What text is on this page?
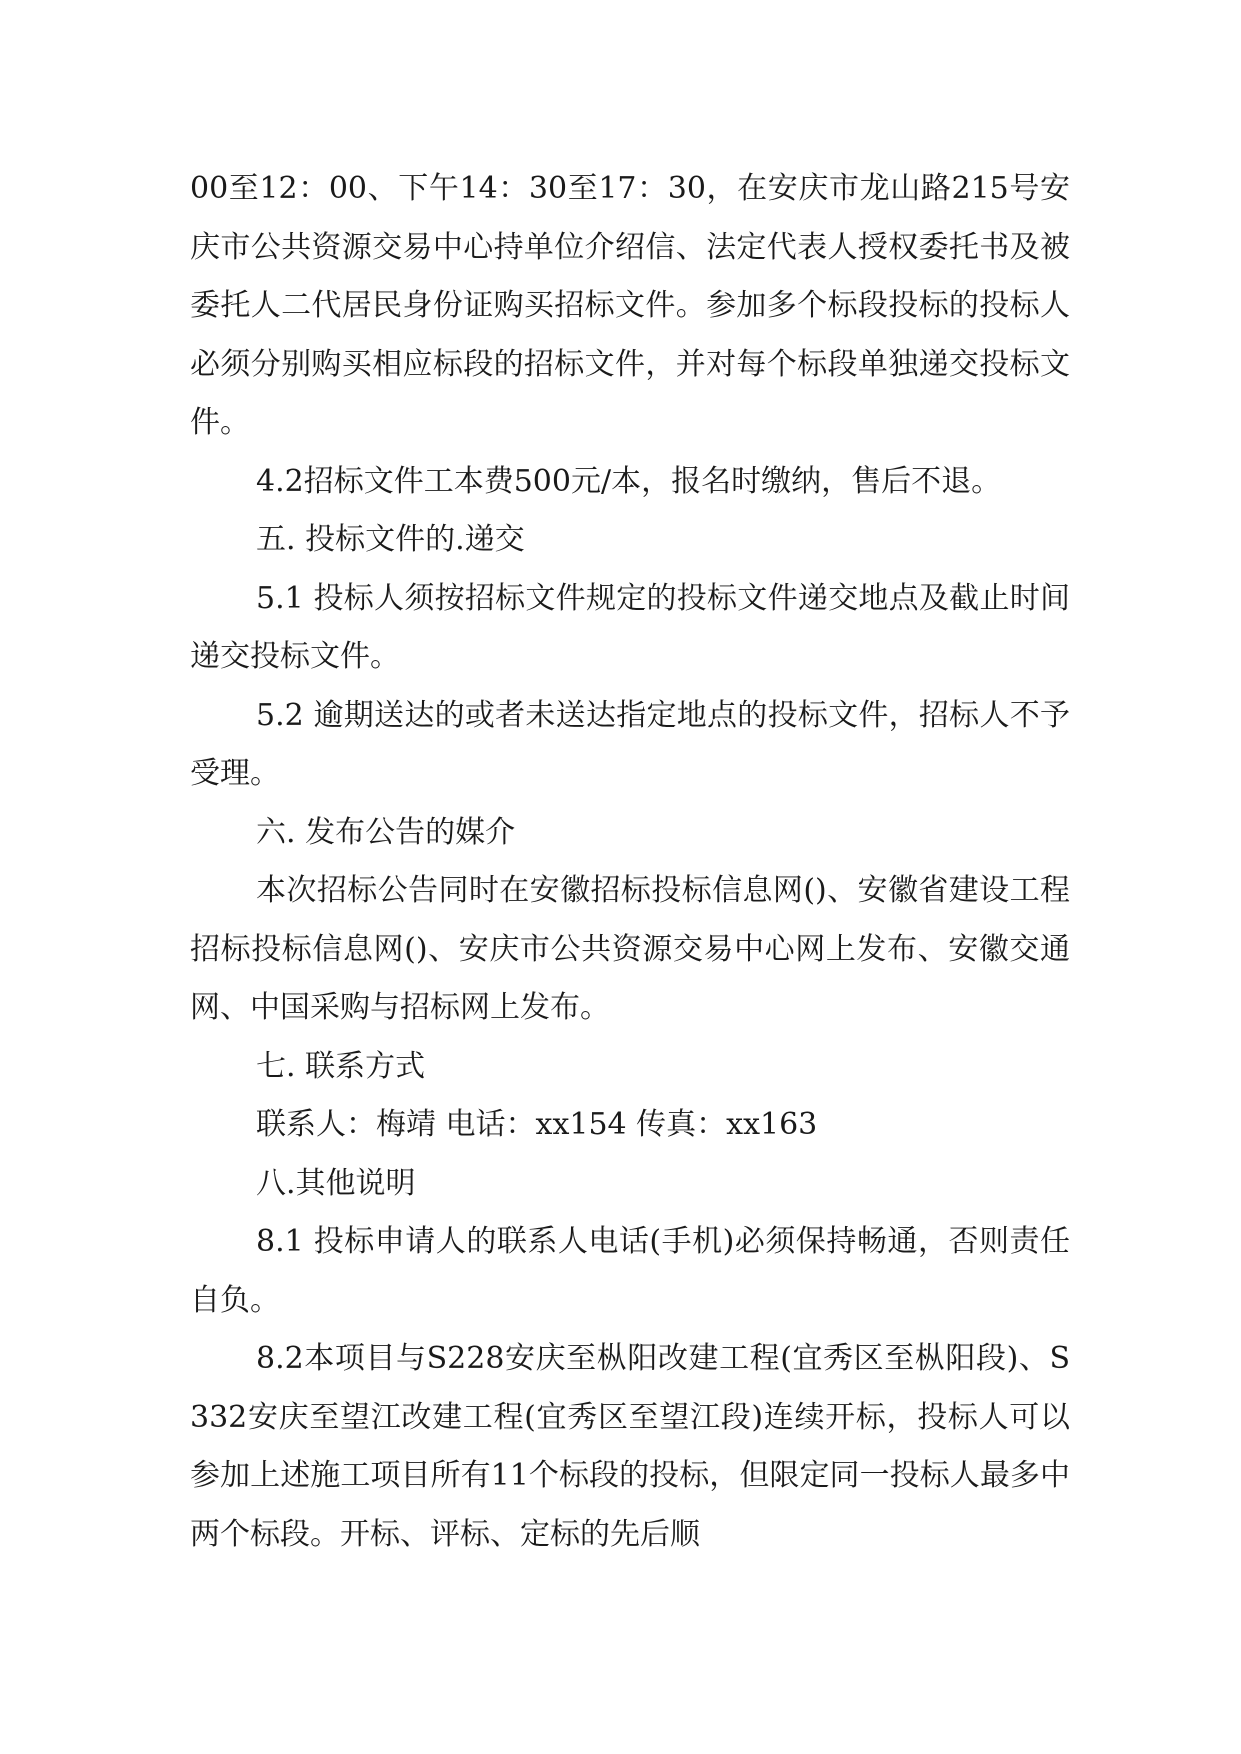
00至12：00、下午14：30至17：30，在安庆市龙山路215号安庆市公共资源交易中心持单位介绍信、法定代表人授权委托书及被委托人二代居民身份证购买招标文件。参加多个标段投标的投标人必须分别购买相应标段的招标文件，并对每个标段单独递交投标文件。

4.2招标文件工本费500元/本，报名时缴纳，售后不退。

五. 投标文件的.递交

5.1 投标人须按招标文件规定的投标文件递交地点及截止时间递交投标文件。

5.2 逾期送达的或者未送达指定地点的投标文件，招标人不予受理。

六. 发布公告的媒介

本次招标公告同时在安徽招标投标信息网()、安徽省建设工程招标投标信息网()、安庆市公共资源交易中心网上发布、安徽交通网、中国采购与招标网上发布。

七. 联系方式

联系人：梅靖 电话：xx154 传真：xx163

八.其他说明

8.1 投标申请人的联系人电话(手机)必须保持畅通，否则责任自负。

8.2本项目与S228安庆至枞阳改建工程(宜秀区至枞阳段)、S332安庆至望江改建工程(宜秀区至望江段)连续开标，投标人可以参加上述施工项目所有11个标段的投标，但限定同一投标人最多中两个标段。开标、评标、定标的先后顺
